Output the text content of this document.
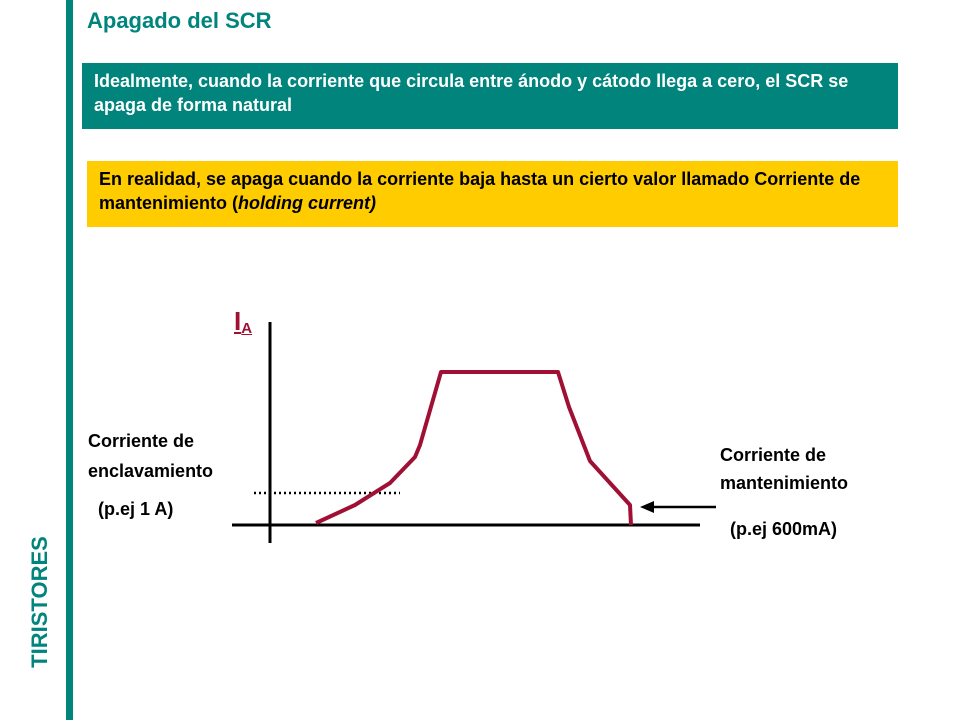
TIRISTORES
Apagado del SCR
Idealmente, cuando la corriente que circula entre ánodo y cátodo llega a cero, el SCR se apaga de forma natural
En realidad, se apaga cuando la corriente baja hasta un cierto valor llamado Corriente de mantenimiento (holding current)
$I_A$
Corriente de
enclavamiento
(p.ej 1 A)
Corriente de
mantenimiento
(p.ej 600mA)
